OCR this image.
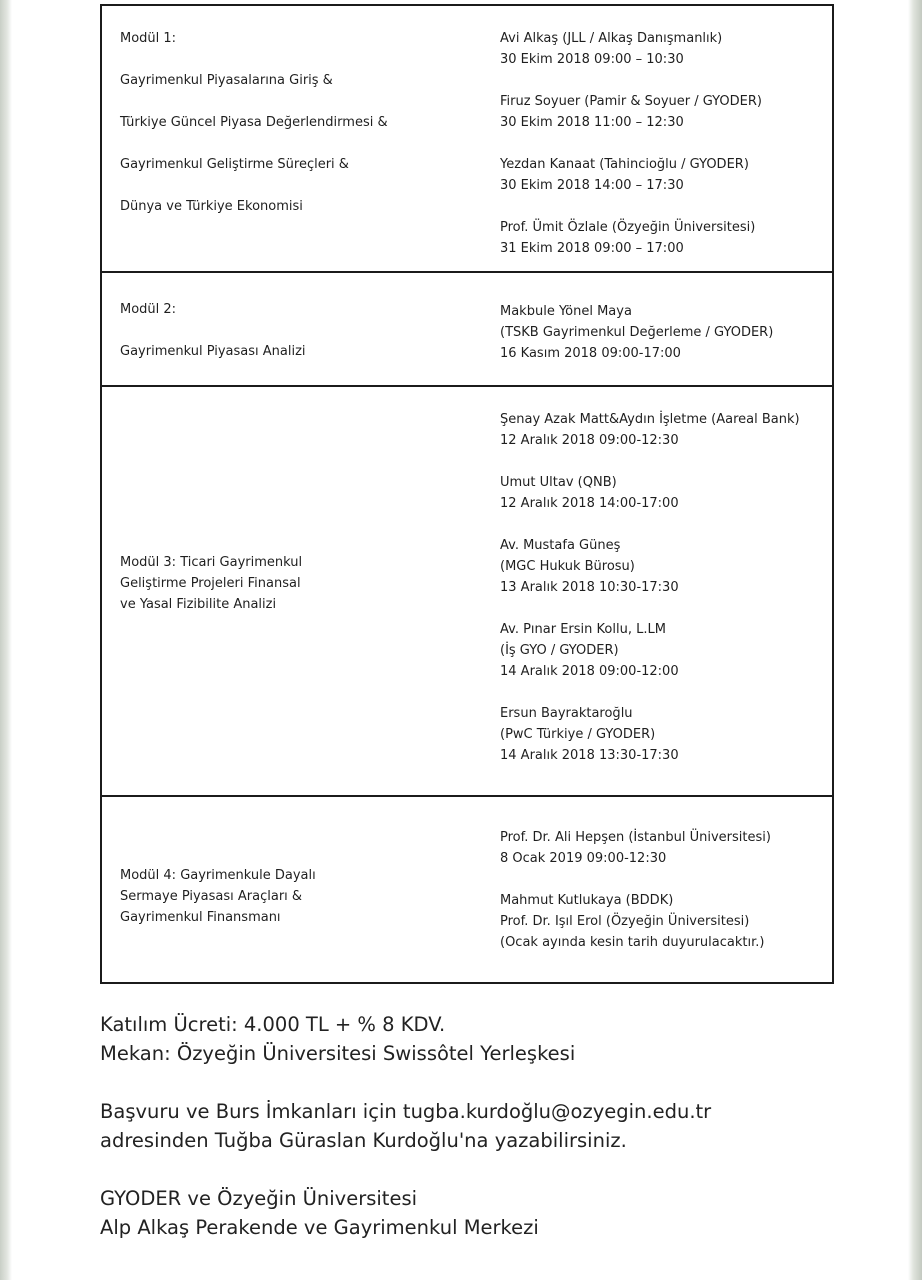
Modül 1:
Gayrimenkul Piyasalarına Giriş &
Türkiye Güncel Piyasa Değerlendirmesi &
Gayrimenkul Geliştirme Süreçleri &
Dünya ve Türkiye Ekonomisi
Avi Alkaş (JLL / Alkaş Danışmanlık)
30 Ekim 2018 09:00 – 10:30
Firuz Soyuer (Pamir & Soyuer / GYODER)
30 Ekim 2018 11:00 – 12:30
Yezdan Kanaat (Tahincioğlu / GYODER)
30 Ekim 2018 14:00 – 17:30
Prof. Ümit Özlale (Özyeğin Üniversitesi)
31 Ekim 2018 09:00 – 17:00
Modül 2:
Gayrimenkul Piyasası Analizi
Makbule Yönel Maya
(TSKB Gayrimenkul Değerleme / GYODER)
16 Kasım 2018 09:00-17:00
Modül 3: Ticari Gayrimenkul
Geliştirme Projeleri Finansal
ve Yasal Fizibilite Analizi
Şenay Azak Matt&Aydın İşletme (Aareal Bank)
12 Aralık 2018 09:00-12:30
Umut Ultav (QNB)
12 Aralık 2018 14:00-17:00
Av. Mustafa Güneş
(MGC Hukuk Bürosu)
13 Aralık 2018 10:30-17:30
Av. Pınar Ersin Kollu, L.LM
(İş GYO / GYODER)
14 Aralık 2018 09:00-12:00
Ersun Bayraktaroğlu
(PwC Türkiye / GYODER)
14 Aralık 2018 13:30-17:30
Modül 4: Gayrimenkule Dayalı
Sermaye Piyasası Araçları &
Gayrimenkul Finansmanı
Prof. Dr. Ali Hepşen (İstanbul Üniversitesi)
8 Ocak 2019 09:00-12:30
Mahmut Kutlukaya (BDDK)
Prof. Dr. Işıl Erol (Özyeğin Üniversitesi)
(Ocak ayında kesin tarih duyurulacaktır.)
Katılım Ücreti: 4.000 TL + % 8 KDV.
Mekan: Özyeğin Üniversitesi Swissôtel Yerleşkesi
Başvuru ve Burs İmkanları için tugba.kurdoğlu@ozyegin.edu.tr
adresinden Tuğba Güraslan Kurdoğlu'na yazabilirsiniz.
GYODER ve Özyeğin Üniversitesi
Alp Alkaş Perakende ve Gayrimenkul Merkezi
